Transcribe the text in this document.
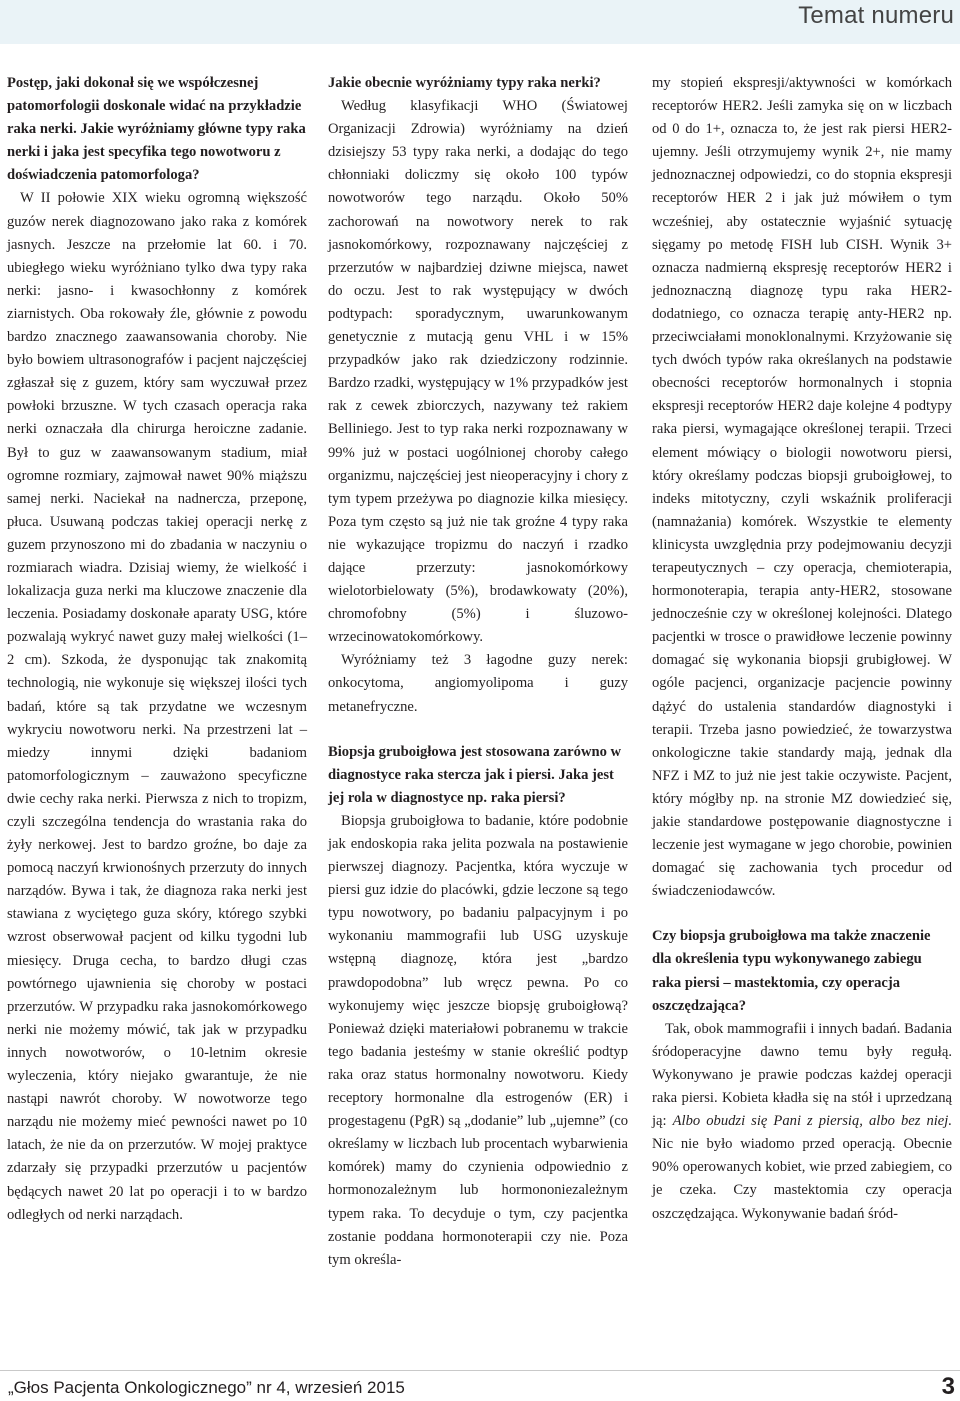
Temat numeru

Postęp, jaki dokonał się we współczesnej patomorfologii doskonale widać na przykładzie raka nerki. Jakie wyróżniamy główne typy raka nerki i jaka jest specyfika tego nowotworu z doświadczenia patomorfologa?

W II połowie XIX wieku ogromną większość guzów nerek diagnozowano jako raka z komórek jasnych. Jeszcze na przełomie lat 60. i 70. ubiegłego wieku wyróżniano tylko dwa typy raka nerki: jasno- i kwasochłonny z komórek ziarnistych. Oba rokowały źle, głównie z powodu bardzo znacznego zaawansowania choroby. Nie było bowiem ultrasonografów i pacjent najczęściej zgłaszał się z guzem, który sam wyczuwał przez powłoki brzuszne. W tych czasach operacja raka nerki oznaczała dla chirurga heroiczne zadanie. Był to guz w zaawansowanym stadium, miał ogromne rozmiary, zajmował nawet 90% miąższu samej nerki. Naciekał na nadnercza, przeponę, płuca. Usuwaną podczas takiej operacji nerkę z guzem przynoszono mi do zbadania w naczyniu o rozmiarach wiadra. Dzisiaj wiemy, że wielkość i lokalizacja guza nerki ma kluczowe znaczenie dla leczenia. Posiadamy doskonałe aparaty USG, które pozwalają wykryć nawet guzy małej wielkości (1–2 cm). Szkoda, że dysponując tak znakomitą technologią, nie wykonuje się większej ilości tych badań, które są tak przydatne we wczesnym wykryciu nowotworu nerki. Na przestrzeni lat – miedzy innymi dzięki badaniom patomorfologicznym – zauważono specyficzne dwie cechy raka nerki. Pierwsza z nich to tropizm, czyli szczególna tendencja do wrastania raka do żyły nerkowej. Jest to bardzo groźne, bo daje za pomocą naczyń krwionośnych przerzuty do innych narządów. Bywa i tak, że diagnoza raka nerki jest stawiana z wyciętego guza skóry, którego szybki wzrost obserwował pacjent od kilku tygodni lub miesięcy. Druga cecha, to bardzo długi czas powtórnego ujawnienia się choroby w postaci przerzutów. W przypadku raka jasnokomórkowego nerki nie możemy mówić, tak jak w przypadku innych nowotworów, o 10-letnim okresie wyleczenia, który niejako gwarantuje, że nie nastąpi nawrót choroby. W nowotworze tego narządu nie możemy mieć pewności nawet po 10 latach, że nie da on przerzutów. W mojej praktyce zdarzały się przypadki przerzutów u pacjentów będących nawet 20 lat po operacji i to w bardzo odległych od nerki narządach.

Jakie obecnie wyróżniamy typy raka nerki?

Według klasyfikacji WHO (Światowej Organizacji Zdrowia) wyróżniamy na dzień dzisiejszy 53 typy raka nerki, a dodając do tego chłonniaki doliczmy się około 100 typów nowotworów tego narządu. Około 50% zachorowań na nowotwory nerek to rak jasnokomórkowy, rozpoznawany najczęściej z przerzutów w najbardziej dziwne miejsca, nawet do oczu. Jest to rak występujący w dwóch podtypach: sporadycznym, uwarunkowanym genetycznie z mutacją genu VHL i w 15% przypadków jako rak dziedziczony rodzinnie. Bardzo rzadki, występujący w 1% przypadków jest rak z cewek zbiorczych, nazywany też rakiem Belliniego. Jest to typ raka nerki rozpoznawany w 99% już w postaci uogólnionej choroby całego organizmu, najczęściej jest nieoperacyjny i chory z tym typem przeżywa po diagnozie kilka miesięcy. Poza tym często są już nie tak groźne 4 typy raka nie wykazujące tropizmu do naczyń i rzadko dające przerzuty: jasnokomórkowy wielotorbielowaty (5%), brodawkowaty (20%), chromofobny (5%) i śluzowo-wrzecinowatokomórkowy.

Wyróżniamy też 3 łagodne guzy nerek: onkocytoma, angiomyolipoma i guzy metanefryczne.

Biopsja gruboigłowa jest stosowana zarówno w diagnostyce raka stercza jak i piersi. Jaka jest jej rola w diagnostyce np. raka piersi?

Biopsja gruboigłowa to badanie, które podobnie jak endoskopia raka jelita pozwala na postawienie pierwszej diagnozy. Pacjentka, która wyczuje w piersi guz idzie do placówki, gdzie leczone są tego typu nowotwory, po badaniu palpacyjnym i po wykonaniu mammografii lub USG uzyskuje wstępną diagnozę, która jest „bardzo prawdopodobna” lub wręcz pewna. Po co wykonujemy więc jeszcze biopsję gruboigłową? Ponieważ dzięki materiałowi pobranemu w trakcie tego badania jesteśmy w stanie określić podtyp raka oraz status hormonalny nowotworu. Kiedy receptory hormonalne dla estrogenów (ER) i progestagenu (PgR) są „dodanie” lub „ujemne” (co określamy w liczbach lub procentach wybarwienia komórek) mamy do czynienia odpowiednio z hormonozależnym lub hormononiezależnym typem raka. To decyduje o tym, czy pacjentka zostanie poddana hormonoterapii czy nie. Poza tym określa-

my stopień ekspresji/aktywności w komórkach receptorów HER2. Jeśli zamyka się on w liczbach od 0 do 1+, oznacza to, że jest rak piersi HER2-ujemny. Jeśli otrzymujemy wynik 2+, nie mamy jednoznacznej odpowiedzi, co do stopnia ekspresji receptorów HER 2 i jak już mówiłem o tym wcześniej, aby ostatecznie wyjaśnić sytuację sięgamy po metodę FISH lub CISH. Wynik 3+ oznacza nadmierną ekspresję receptorów HER2 i jednoznaczną diagnozę typu raka HER2-dodatniego, co oznacza terapię anty-HER2 np. przeciwciałami monoklonalnymi. Krzyżowanie się tych dwóch typów raka określanych na podstawie obecności receptorów hormonalnych i stopnia ekspresji receptorów HER2 daje kolejne 4 podtypy raka piersi, wymagające określonej terapii. Trzeci element mówiący o biologii nowotworu piersi, który określamy podczas biopsji gruboigłowej, to indeks mitotyczny, czyli wskaźnik proliferacji (namnażania) komórek. Wszystkie te elementy klinicysta uwzględnia przy podejmowaniu decyzji terapeutycznych – czy operacja, chemioterapia, hormonoterapia, terapia anty-HER2, stosowane jednocześnie czy w określonej kolejności. Dlatego pacjentki w trosce o prawidłowe leczenie powinny domagać się wykonania biopsji grubigłowej. W ogóle pacjenci, organizacje pacjencie powinny dążyć do ustalenia standardów diagnostyki i terapii. Trzeba jasno powiedzieć, że towarzystwa onkologiczne takie standardy mają, jednak dla NFZ i MZ to już nie jest takie oczywiste. Pacjent, który mógłby np. na stronie MZ dowiedzieć się, jakie standardowe postępowanie diagnostyczne i leczenie jest wymagane w jego chorobie, powinien domagać się zachowania tych procedur od świadczeniodawców.

Czy biopsja gruboigłowa ma także znaczenie dla określenia typu wykonywanego zabiegu raka piersi – mastektomia, czy operacja oszczędzająca?

Tak, obok mammografii i innych badań. Badania śródoperacyjne dawno temu były regułą. Wykonywano je prawie podczas każdej operacji raka piersi. Kobieta kładła się na stół i uprzedzaną ją: Albo obudzi się Pani z piersią, albo bez niej. Nic nie było wiadomo przed operacją. Obecnie 90% operowanych kobiet, wie przed zabiegiem, co je czeka. Czy mastektomia czy operacja oszczędzająca. Wykonywanie badań śród-

„Głos Pacjenta Onkologicznego” nr 4, wrzesień 2015	3
